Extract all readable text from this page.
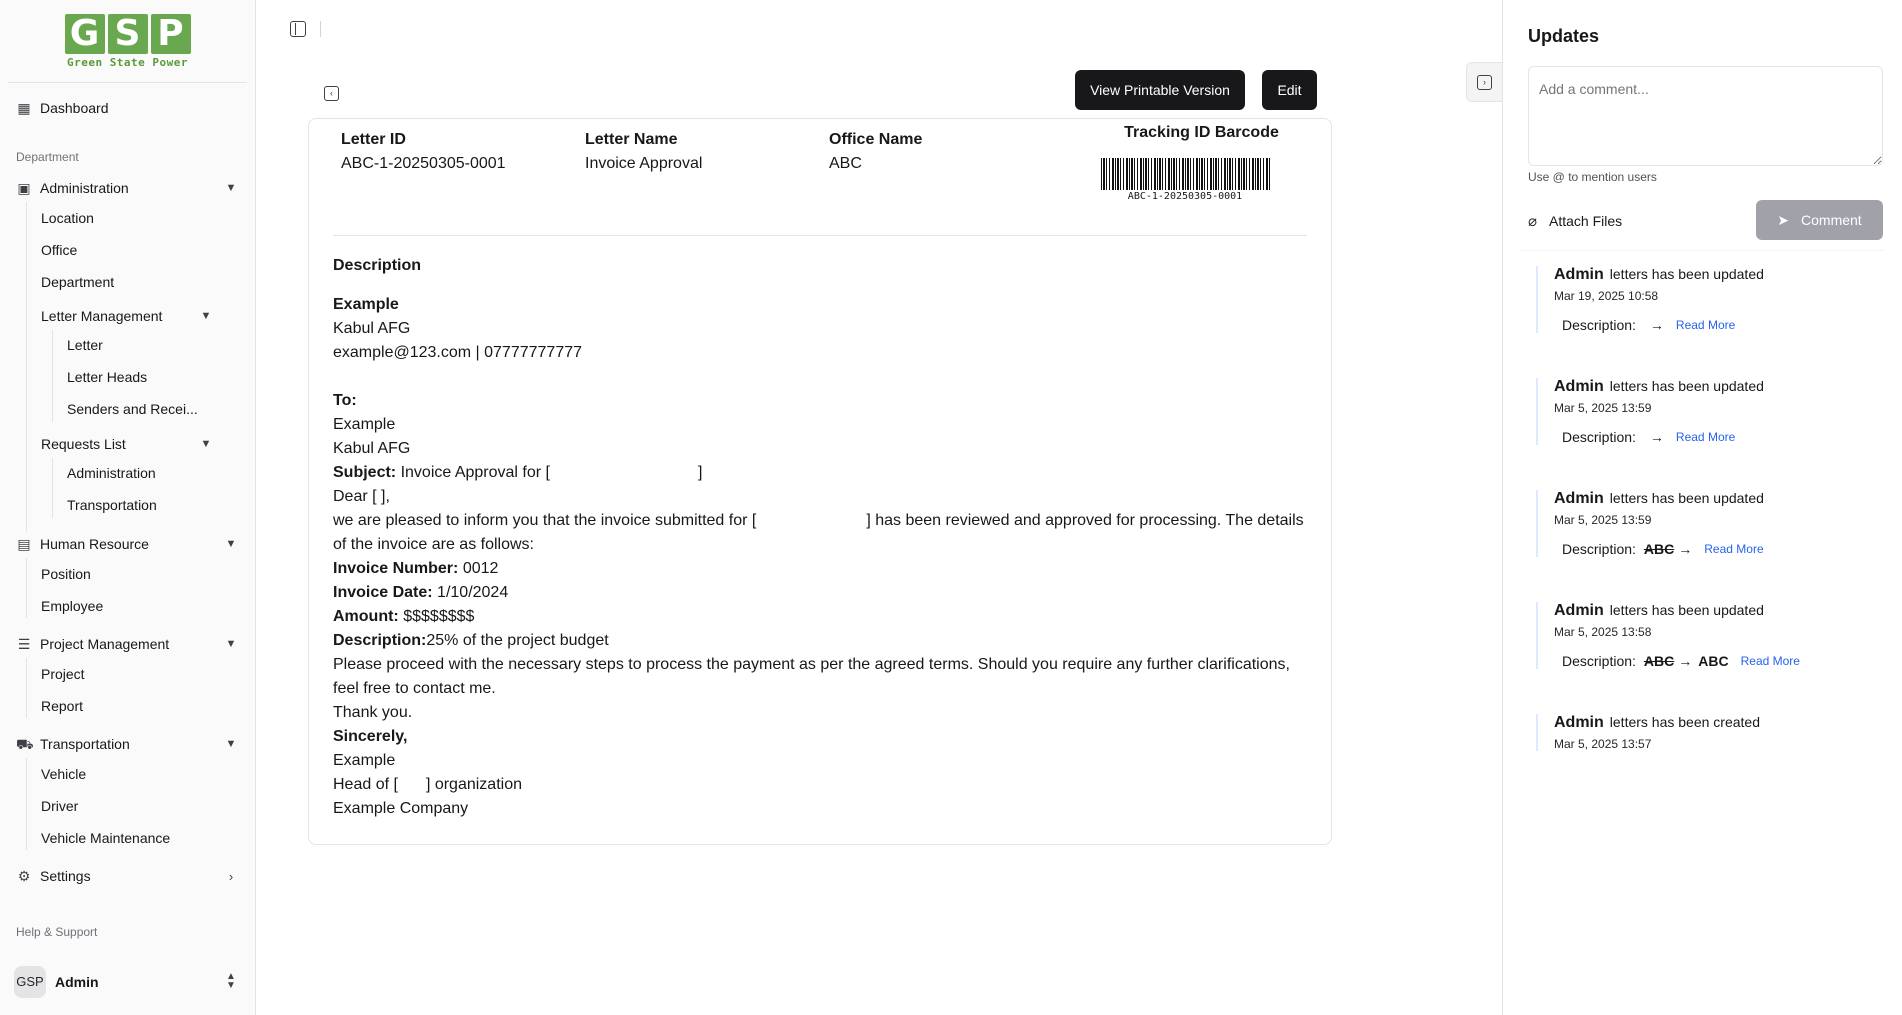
G S P
Green State Power
▦ Dashboard
Department
▣ Administration	▼
Location
Office
Department
Letter Management	▼
Letter
Letter Heads
Senders and Recei...
Requests List	▼
Administration
Transportation
▤ Human Resource	▼
Position
Employee
☰ Project Management	▼
Project
Report
⛟ Transportation	▼
Vehicle
Driver
Vehicle Maintenance
⚙ Settings	›
Help & Support
GSP Admin	▲
▼
‹	View Printable Version	Edit
Letter ID
ABC-1-20250305-0001
Letter Name
Invoice Approval
Office Name
ABC
Tracking ID Barcode
ABC-1-20250305-0001
Description
Example
Kabul AFG
example@123.com | 07777777777
To:
Example
Kabul AFG
Subject: Invoice Approval for [	]
Dear [ ],
we are pleased to inform you that the invoice submitted for [	] has been reviewed and approved for processing. The details of the invoice are as follows:
Invoice Number: 0012
Invoice Date: 1/10/2024
Amount: $$$$$$$$
Description:25% of the project budget
Please proceed with the necessary steps to process the payment as per the agreed terms. Should you require any further clarifications, feel free to contact me.
Thank you.
Sincerely,
Example
Head of [ ] organization
Example Company
›
Updates
Add a comment...
Use @ to mention users
⌀ Attach Files	➤ Comment
Admin letters has been updated
Mar 19, 2025 10:58
Description: → Read More
Admin letters has been updated
Mar 5, 2025 13:59
Description: → Read More
Admin letters has been updated
Mar 5, 2025 13:59
Description: ABC → Read More
Admin letters has been updated
Mar 5, 2025 13:58
Description: ABC → ABC Read More
Admin letters has been created
Mar 5, 2025 13:57
